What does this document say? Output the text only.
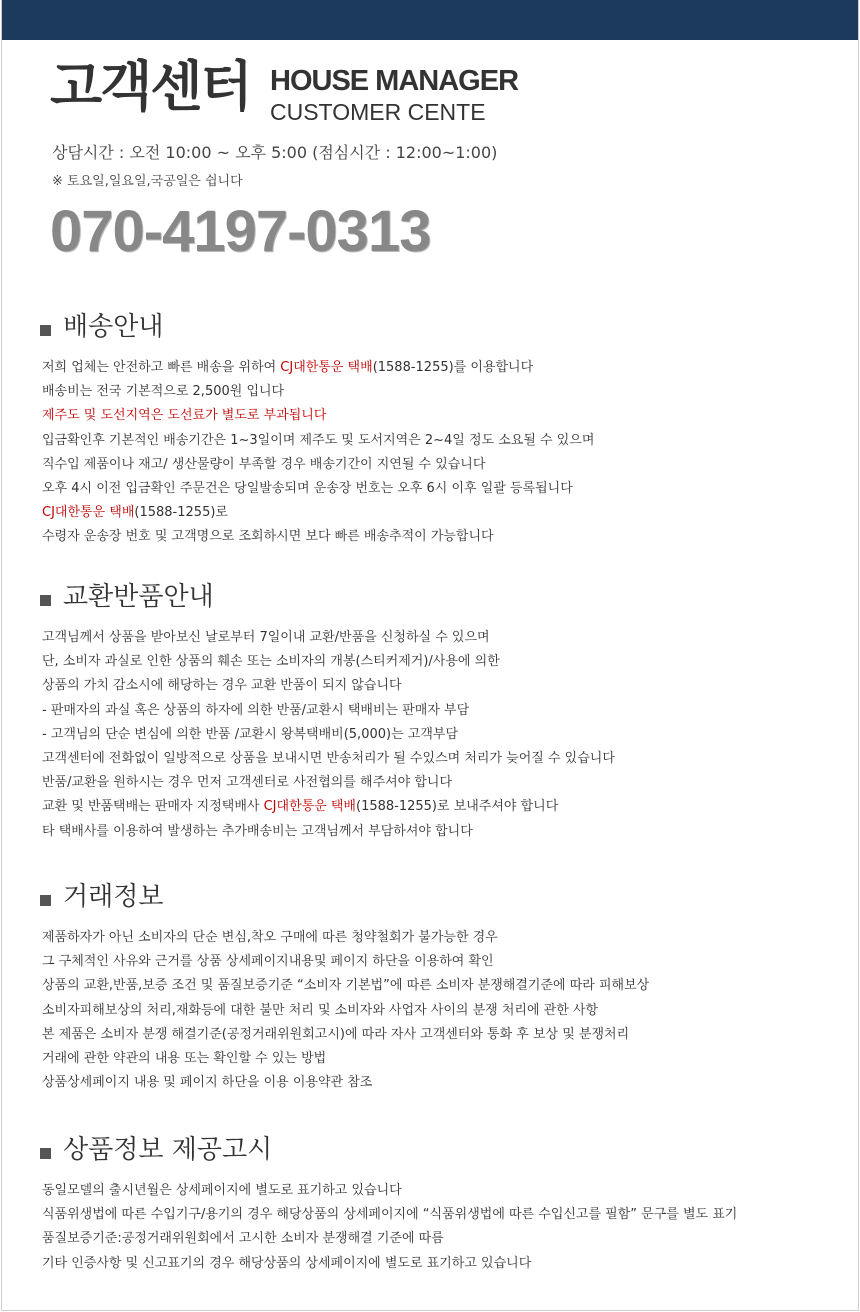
고객센터 HOUSE MANAGER
CUSTOMER CENTE
상담시간 : 오전 10:00 ~ 오후 5:00 (점심시간 : 12:00~1:00)
※ 토요일,일요일,국공일은 쉽니다
070-4197-0313
배송안내
저희 업체는 안전하고 빠른 배송을 위하여 CJ대한통운 택배(1588-1255)를 이용합니다
배송비는 전국 기본적으로 2,500원 입니다
제주도 및 도선지역은 도선료가 별도로 부과됩니다
입금확인후 기본적인 배송기간은 1~3일이며 제주도 및 도서지역은 2~4일 정도 소요될 수 있으며
직수입 제품이나 재고/ 생산물량이 부족할 경우 배송기간이 지연될 수 있습니다
오후 4시 이전 입금확인 주문건은 당일발송되며 운송장 번호는 오후 6시 이후 일괄 등록됩니다
CJ대한통운 택배(1588-1255)로
수령자 운송장 번호 및 고객명으로 조회하시면 보다 빠른 배송추적이 가능합니다
교환반품안내
고객님께서 상품을 받아보신 날로부터 7일이내 교환/반품을 신청하실 수 있으며
단, 소비자 과실로 인한 상품의 훼손 또는 소비자의 개봉(스티커제거)/사용에 의한
상품의 가치 감소시에 해당하는 경우 교환 반품이 되지 않습니다
- 판매자의 과실 혹은 상품의 하자에 의한 반품/교환시 택배비는 판매자 부담
- 고객님의 단순 변심에 의한 반품 /교환시 왕복택배비(5,000)는 고객부담
고객센터에 전화없이 일방적으로 상품을 보내시면 반송처리가 될 수있스며 처리가 늦어질 수 있습니다
반품/교환을 원하시는 경우 먼저 고객센터로 사전협의를 해주셔야 합니다
교환 및 반품택배는 판매자 지정택배사 CJ대한통운 택배(1588-1255)로 보내주셔야 합니다
타 택배사를 이용하여 발생하는 추가배송비는 고객님께서 부담하셔야 합니다
거래정보
제품하자가 아닌 소비자의 단순 변심,착오 구매에 따른 청약철회가 불가능한 경우
그 구체적인 사유와 근거를 상품 상세페이지내용및 페이지 하단을 이용하여 확인
상품의 교환,반품,보증 조건 및 품질보증기준 “소비자 기본법”에 따른 소비자 분쟁해결기준에 따라 피해보상
소비자피해보상의 처리,재화등에 대한 불만 처리 및 소비자와 사업자 사이의 분쟁 처리에 관한 사항
본 제품은 소비자 분쟁 해결기준(공정거래위원회고시)에 따라 자사 고객센터와 통화 후 보상 및 분쟁처리
거래에 관한 약관의 내용 또는 확인할 수 있는 방법
상품상세페이지 내용 및 페이지 하단을 이용 이용약관 참조
상품정보 제공고시
동일모델의 출시년월은 상세페이지에 별도로 표기하고 있습니다
식품위생법에 따른 수입기구/용기의 경우 해당상품의 상세페이지에 “식품위생법에 따른 수입신고를 필함” 문구를 별도 표기
품질보증기준:공정거래위원회에서 고시한 소비자 분쟁해결 기준에 따름
기타 인증사항 및 신고표기의 경우 해당상품의 상세페이지에 별도로 표기하고 있습니다
